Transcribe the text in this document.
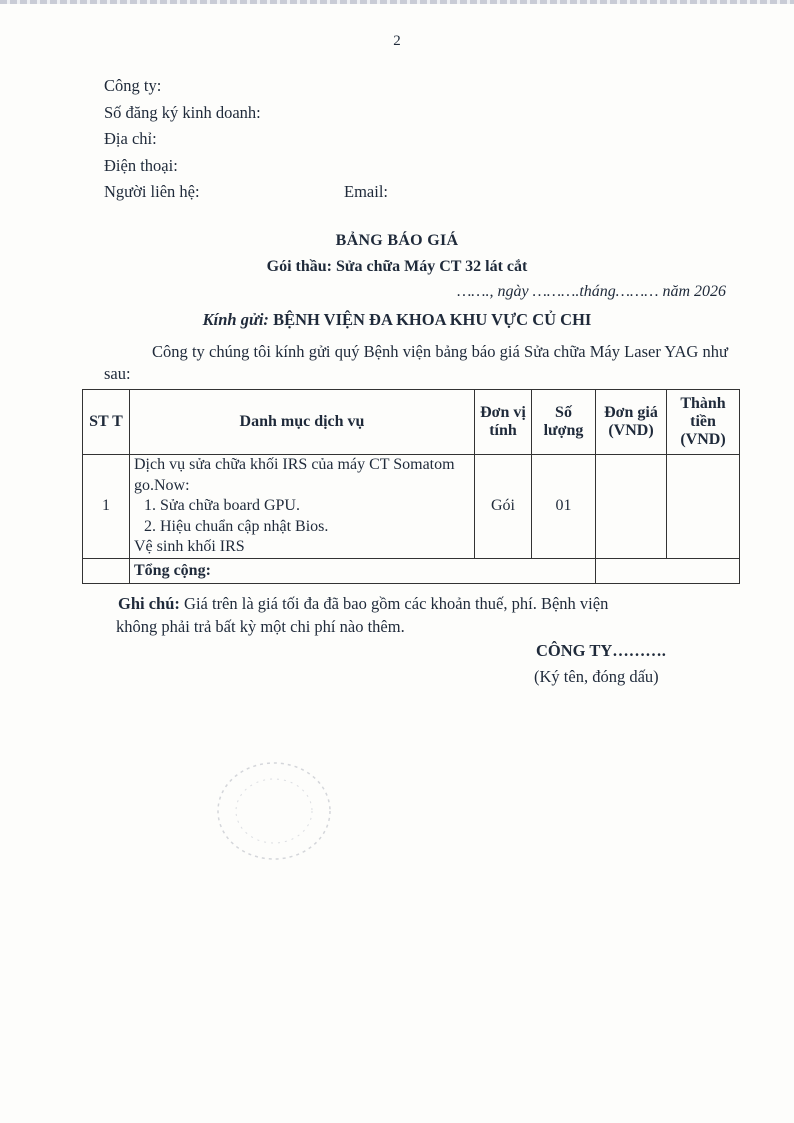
2
Công ty:
Số đăng ký kinh doanh:
Địa chỉ:
Điện thoại:
Người liên hệ:	Email:
BẢNG BÁO GIÁ
Gói thầu: Sửa chữa Máy CT 32 lát cắt
……., ngày ……….tháng……… năm 2026
Kính gửi: BỆNH VIỆN ĐA KHOA KHU VỰC CỦ CHI
Công ty chúng tôi kính gửi quý Bệnh viện bảng báo giá Sửa chữa Máy Laser YAG như sau:
ST T	Danh mục dịch vụ	Đơn vị tính	Số lượng	Đơn giá (VND)	Thành tiền (VND)
1	Dịch vụ sửa chữa khối IRS của máy CT Somatom go.Now:
1. Sửa chữa board GPU.
2. Hiệu chuẩn cập nhật Bios.
Vệ sinh khối IRS	Gói	01		
	Tổng cộng:				
Ghi chú: Giá trên là giá tối đa đã bao gồm các khoản thuế, phí. Bệnh viện
không phải trả bất kỳ một chi phí nào thêm.
CÔNG TY……….
(Ký tên, đóng dấu)
